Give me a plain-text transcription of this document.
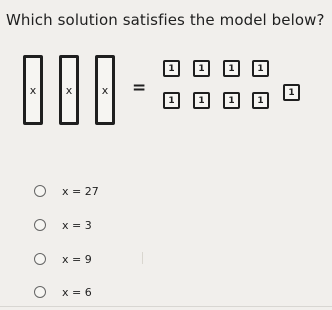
Which solution satisfies the model below?
x	x	x =
1	1	1	1
1	1	1	1
1
x = 27
x = 3
x = 9
x = 6
